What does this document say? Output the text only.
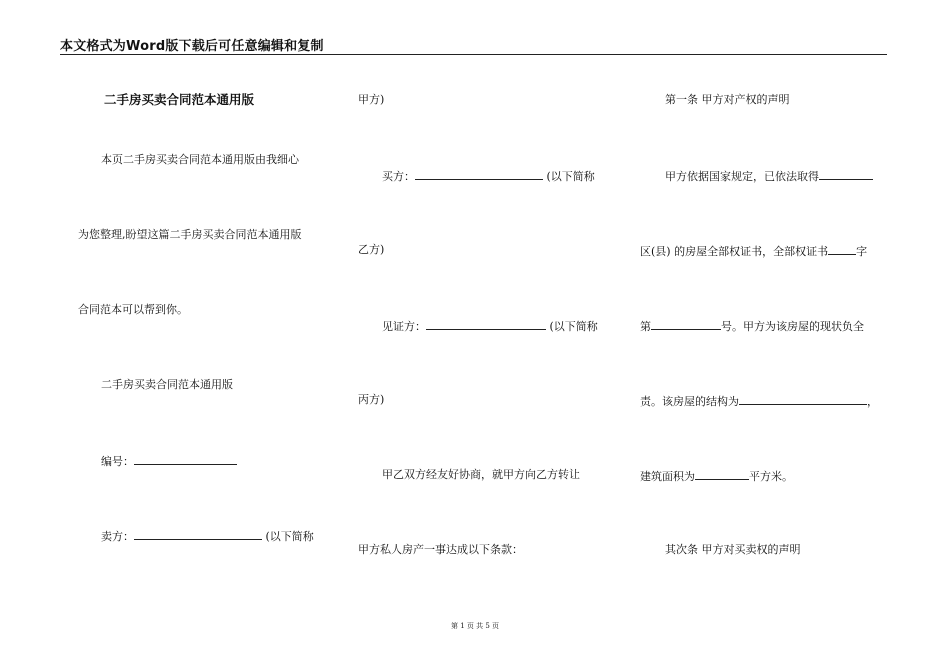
本文格式为Word版下载后可任意编辑和复制
二手房买卖合同范本通用版
本页二手房买卖合同范本通用版由我细心
为您整理,盼望这篇二手房买卖合同范本通用版
合同范本可以帮到你。
二手房买卖合同范本通用版
编号：
卖方：	(以下简称
甲方)
买方：	(以下简称
乙方)
见证方：	(以下简称
丙方)
甲乙双方经友好协商，就甲方向乙方转让
甲方私人房产一事达成以下条款：
第一条 甲方对产权的声明
甲方依据国家规定，已依法取得
区(县) 的房屋全部权证书，全部权证书	字
第	号。甲方为该房屋的现状负全
责。该房屋的结构为	，
建筑面积为	平方米。
其次条 甲方对买卖权的声明
第 1 页 共 5 页
